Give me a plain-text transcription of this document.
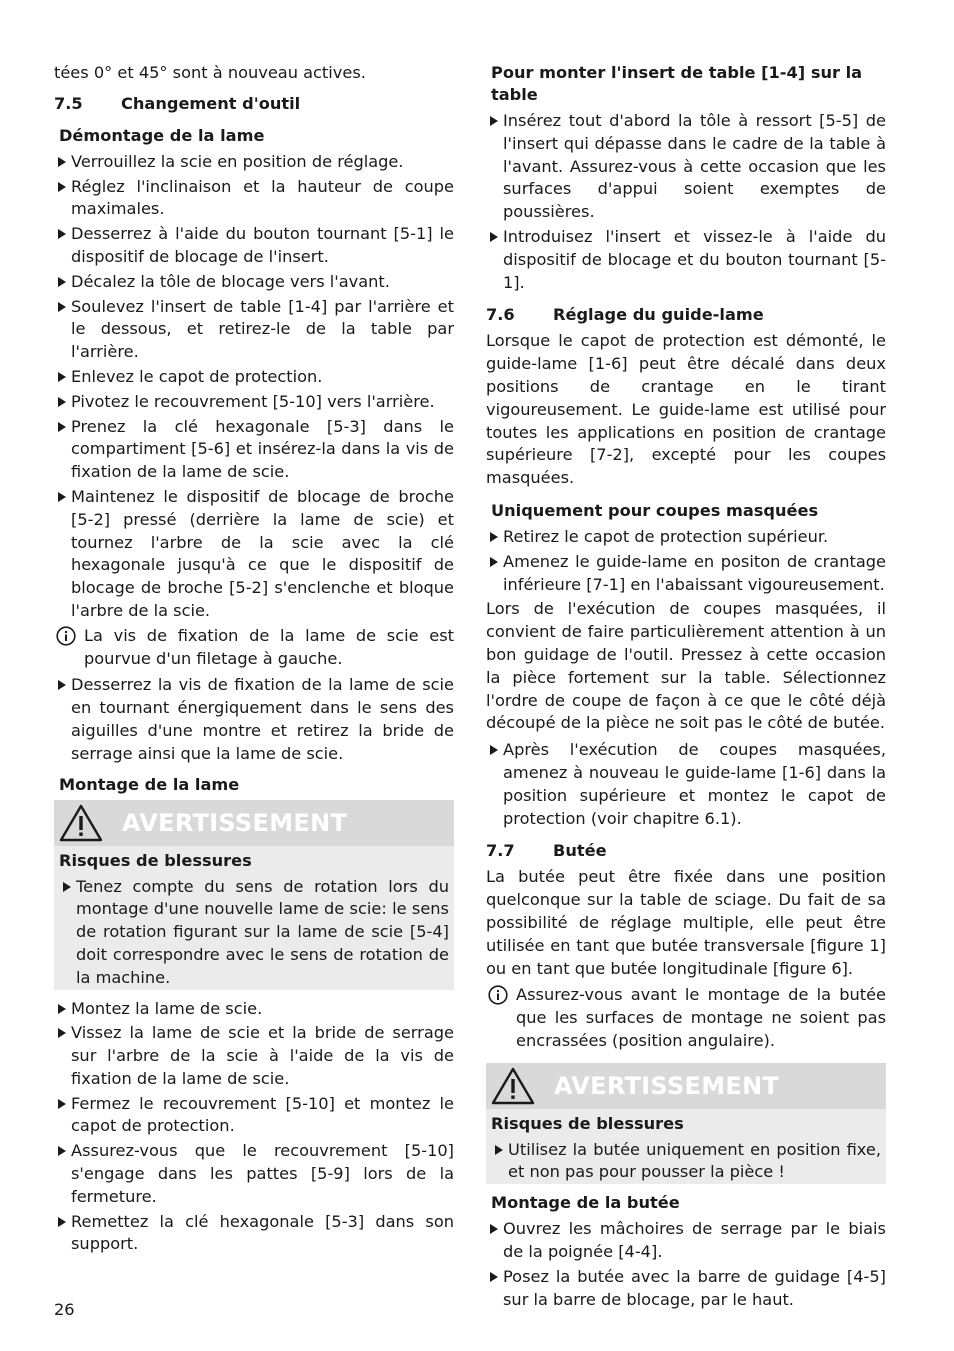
tées 0° et 45° sont à nouveau actives.

7.5	Changement d'outil
Démontage de la lame
Verrouillez la scie en position de réglage.
Réglez l'inclinaison et la hauteur de coupe maximales.
Desserrez à l'aide du bouton tournant [5-1] le dispositif de blocage de l'insert.
Décalez la tôle de blocage vers l'avant.
Soulevez l'insert de table [1-4] par l'arrière et le dessous, et retirez-le de la table par l'arrière.
Enlevez le capot de protection.
Pivotez le recouvrement [5-10] vers l'arrière.
Prenez la clé hexagonale [5-3] dans le compartiment [5-6] et insérez-la dans la vis de fixation de la lame de scie.
Maintenez le dispositif de blocage de broche [5-2] pressé (derrière la lame de scie) et tournez l'arbre de la scie avec la clé hexagonale jusqu'à ce que le dispositif de blocage de broche [5-2] s'enclenche et bloque l'arbre de la scie.
La vis de fixation de la lame de scie est pourvue d'un filetage à gauche.
Desserrez la vis de fixation de la lame de scie en tournant énergiquement dans le sens des aiguilles d'une montre et retirez la bride de serrage ainsi que la lame de scie.
Montage de la lame
AVERTISSEMENT
Risques de blessures
Tenez compte du sens de rotation lors du montage d'une nouvelle lame de scie: le sens de rotation figurant sur la lame de scie [5-4] doit correspondre avec le sens de rotation de la machine.
Montez la lame de scie.
Vissez la lame de scie et la bride de serrage sur l'arbre de la scie à l'aide de la vis de fixation de la lame de scie.
Fermez le recouvrement [5-10] et montez le capot de protection.
Assurez-vous que le recouvrement [5-10] s'engage dans les pattes [5-9] lors de la fermeture.
Remettez la clé hexagonale [5-3] dans son support.
Pour monter l'insert de table [1-4] sur la table
Insérez tout d'abord la tôle à ressort [5-5] de l'insert qui dépasse dans le cadre de la table à l'avant. Assurez-vous à cette occasion que les surfaces d'appui soient exemptes de poussières.
Introduisez l'insert et vissez-le à l'aide du dispositif de blocage et du bouton tournant [5-1].
7.6	Réglage du guide-lame

Lorsque le capot de protection est démonté, le guide-lame [1-6] peut être décalé dans deux positions de crantage en le tirant vigoureusement. Le guide-lame est utilisé pour toutes les applications en position de crantage supérieure [7-2], excepté pour les coupes masquées.

Uniquement pour coupes masquées
Retirez le capot de protection supérieur.
Amenez le guide-lame en positon de crantage inférieure [7-1] en l'abaissant vigoureusement.

Lors de l'exécution de coupes masquées, il convient de faire particulièrement attention à un bon guidage de l'outil. Pressez à cette occasion la pièce fortement sur la table. Sélectionnez l'ordre de coupe de façon à ce que le côté déjà découpé de la pièce ne soit pas le côté de butée.

Après l'exécution de coupes masquées, amenez à nouveau le guide-lame [1-6] dans la position supérieure et montez le capot de protection (voir chapitre 6.1).
7.7	Butée

La butée peut être fixée dans une position quelconque sur la table de sciage. Du fait de sa possibilité de réglage multiple, elle peut être utilisée en tant que butée transversale [figure 1] ou en tant que butée longitudinale [figure 6].

Assurez-vous avant le montage de la butée que les surfaces de montage ne soient pas encrassées (position angulaire).
AVERTISSEMENT
Risques de blessures
Utilisez la butée uniquement en position fixe, et non pas pour pousser la pièce !
Montage de la butée
Ouvrez les mâchoires de serrage par le biais de la poignée [4-4].
Posez la butée avec la barre de guidage [4-5] sur la barre de blocage, par le haut.
26
